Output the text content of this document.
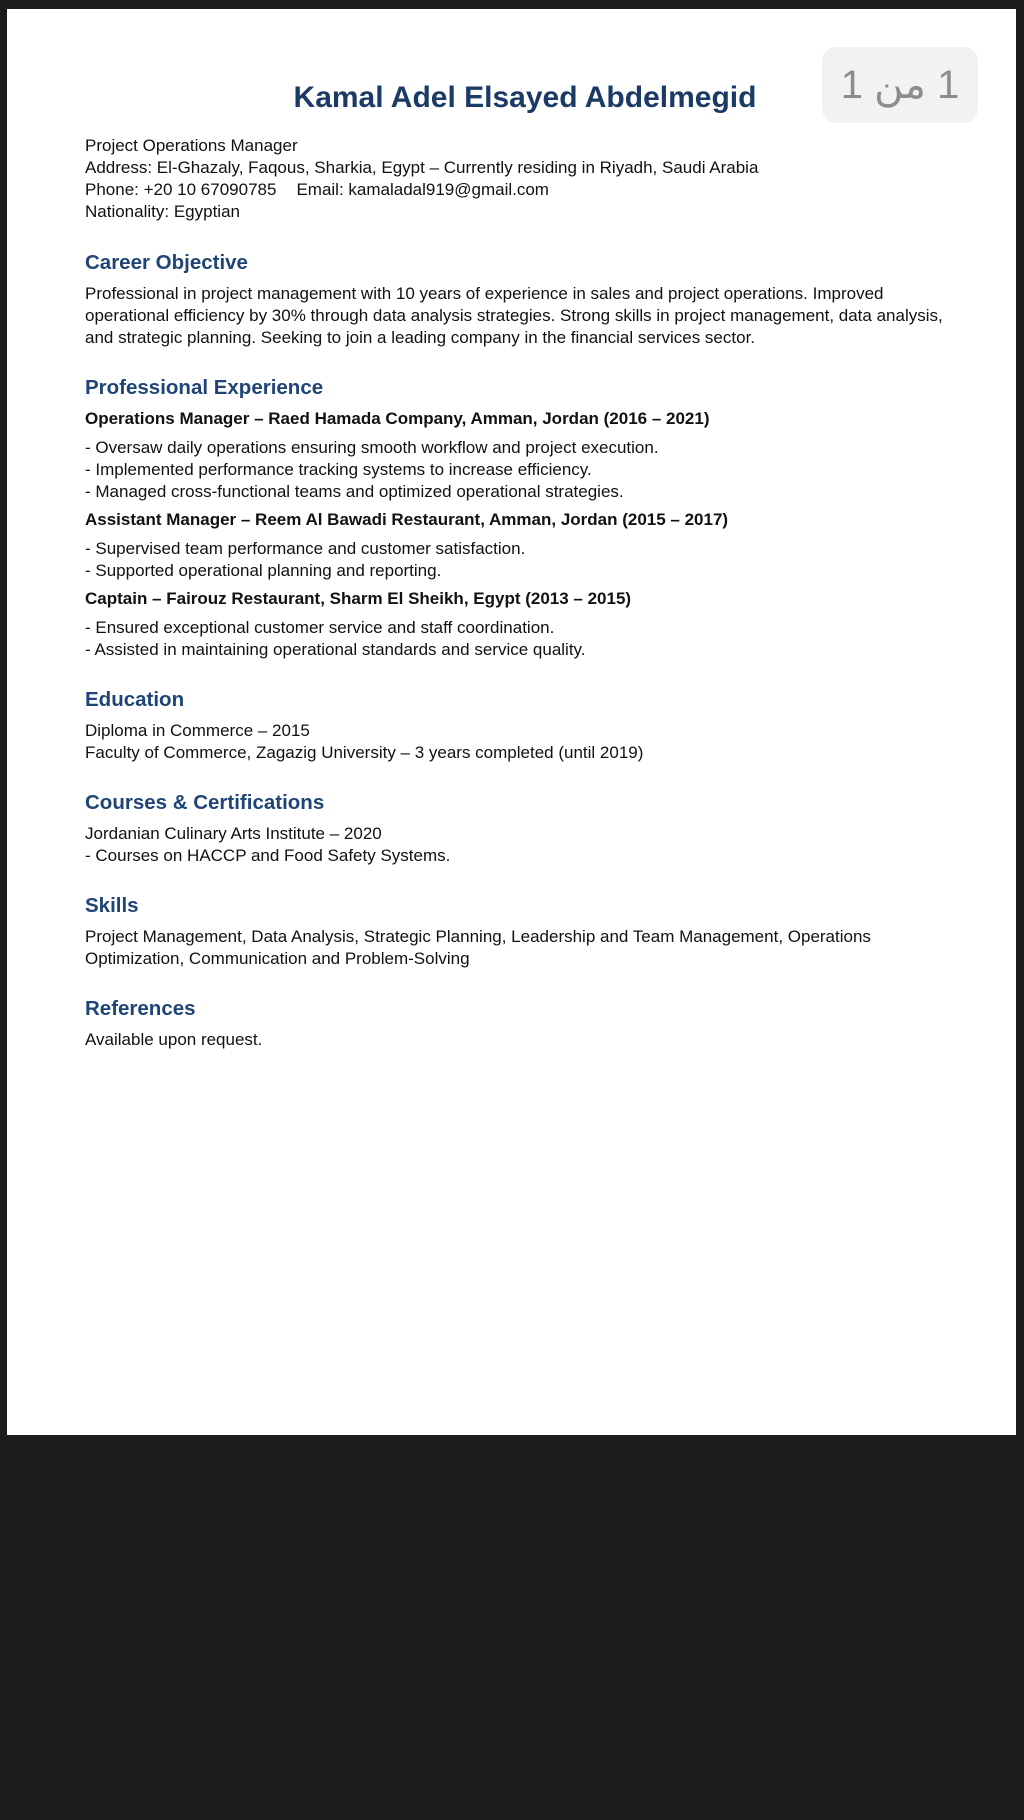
1 من 1
Kamal Adel Elsayed Abdelmegid
Project Operations Manager
Address: El-Ghazaly, Faqous, Sharkia, Egypt – Currently residing in Riyadh, Saudi Arabia
Phone: +20 10 67090785 Email: kamaladal919@gmail.com
Nationality: Egyptian
Career Objective
Professional in project management with 10 years of experience in sales and project operations. Improved
operational efficiency by 30% through data analysis strategies. Strong skills in project management, data analysis,
and strategic planning. Seeking to join a leading company in the financial services sector.
Professional Experience
Operations Manager – Raed Hamada Company, Amman, Jordan (2016 – 2021)
- Oversaw daily operations ensuring smooth workflow and project execution.
- Implemented performance tracking systems to increase efficiency.
- Managed cross-functional teams and optimized operational strategies.
Assistant Manager – Reem Al Bawadi Restaurant, Amman, Jordan (2015 – 2017)
- Supervised team performance and customer satisfaction.
- Supported operational planning and reporting.
Captain – Fairouz Restaurant, Sharm El Sheikh, Egypt (2013 – 2015)
- Ensured exceptional customer service and staff coordination.
- Assisted in maintaining operational standards and service quality.
Education
Diploma in Commerce – 2015
Faculty of Commerce, Zagazig University – 3 years completed (until 2019)
Courses & Certifications
Jordanian Culinary Arts Institute – 2020
- Courses on HACCP and Food Safety Systems.
Skills
Project Management, Data Analysis, Strategic Planning, Leadership and Team Management, Operations
Optimization, Communication and Problem-Solving
References
Available upon request.
